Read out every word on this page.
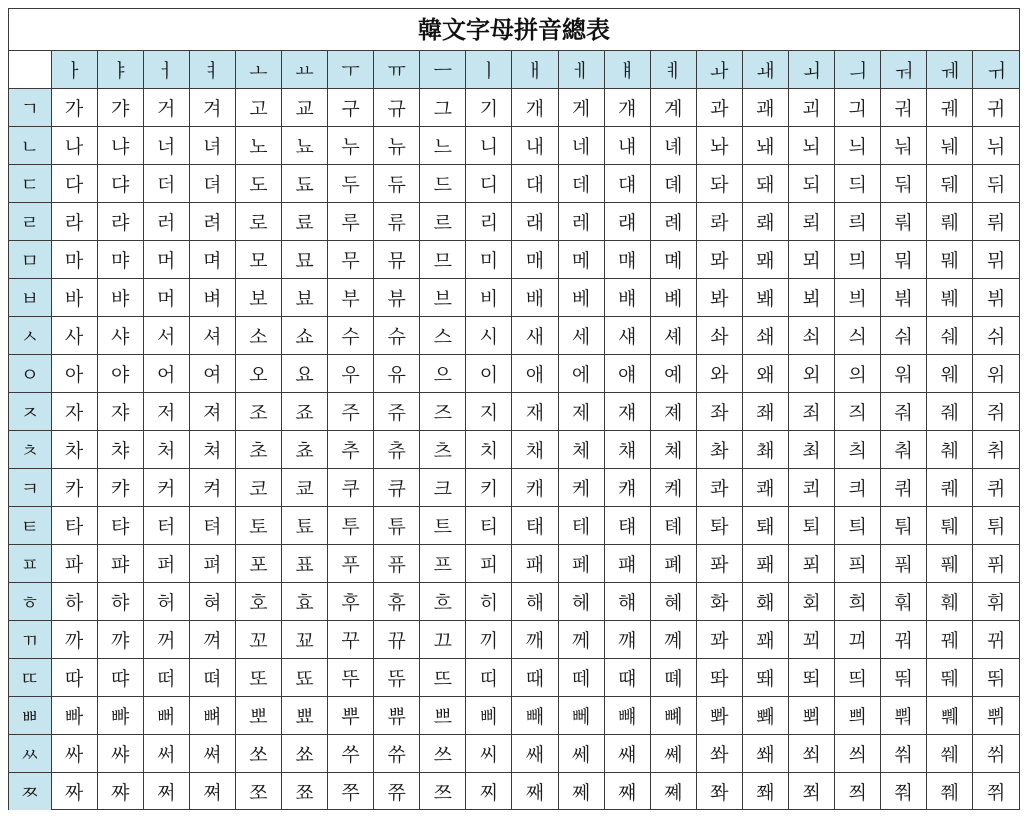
韓文字母拼音總表
	ㅏ	ㅑ	ㅓ	ㅕ	ㅗ	ㅛ	ㅜ	ㅠ	ㅡ	ㅣ	ㅐ	ㅔ	ㅒ	ㅖ	ㅘ	ㅙ	ㅚ	ㅢ	ㅝ	ㅞ	ㅟ
ㄱ	가	갸	거	겨	고	교	구	규	그	기	개	게	걔	계	과	괘	괴	긔	궈	궤	귀
ㄴ	나	냐	너	녀	노	뇨	누	뉴	느	니	내	네	냬	녜	놔	놰	뇌	늬	눠	눼	뉘
ㄷ	다	댜	더	뎌	도	됴	두	듀	드	디	대	데	댸	뎨	돠	돼	되	듸	둬	뒈	뒤
ㄹ	라	랴	러	려	로	료	루	류	르	리	래	레	럐	례	롸	뢔	뢰	릐	뤄	뤠	뤼
ㅁ	마	먀	머	며	모	묘	무	뮤	므	미	매	메	먜	몌	뫄	뫠	뫼	믜	뭐	뭬	뮈
ㅂ	바	뱌	머	벼	보	뵤	부	뷰	브	비	배	베	뱨	볘	봐	봬	뵈	븨	붜	붸	뷔
ㅅ	사	샤	서	셔	소	쇼	수	슈	스	시	새	세	섀	셰	솨	쇄	쇠	싀	숴	쉐	쉬
ㅇ	아	야	어	여	오	요	우	유	으	이	애	에	얘	예	와	왜	외	의	워	웨	위
ㅈ	자	쟈	저	져	조	죠	주	쥬	즈	지	재	제	쟤	졔	좌	좨	죄	즤	줘	줴	쥐
ㅊ	차	챠	처	쳐	초	쵸	추	츄	츠	치	채	체	챼	쳬	촤	쵀	최	츼	춰	췌	취
ㅋ	카	캬	커	켜	코	쿄	쿠	큐	크	키	캐	케	컈	켸	콰	쾌	쾨	킈	쿼	퀘	퀴
ㅌ	타	탸	터	텨	토	툐	투	튜	트	티	태	테	턔	톄	톼	퇘	퇴	틔	퉈	퉤	튀
ㅍ	파	퍄	퍼	펴	포	표	푸	퓨	프	피	패	페	퍠	폐	퐈	퐤	푀	픠	풔	풰	퓌
ㅎ	하	햐	허	혀	호	효	후	휴	흐	히	해	헤	햬	혜	화	홰	회	희	훠	훼	휘
ㄲ	까	꺄	꺼	껴	꼬	꾜	꾸	뀨	끄	끼	깨	께	꺠	꼐	꽈	꽤	꾀	끠	꿔	꿰	뀌
ㄸ	따	땨	떠	뗘	또	뚀	뚜	뜌	뜨	띠	때	떼	떄	뗴	똬	뙈	뙤	띄	뚸	뛔	뛰
ㅃ	빠	뺘	뻐	뼈	뽀	뾰	뿌	쀼	쁘	삐	빼	뻬	뺴	뼤	뽜	뽸	뾔	쁴	뿨	쀄	쀠
ㅆ	싸	쌰	써	쎠	쏘	쑈	쑤	쓔	쓰	씨	쌔	쎄	썌	쎼	쏴	쐐	쐬	씌	쒀	쒜	쒸
ㅉ	짜	쨔	쩌	쪄	쪼	쬬	쭈	쮸	쯔	찌	째	쩨	쨰	쪠	쫘	쫴	쬐	쯰	쭤	쮀	쮜
